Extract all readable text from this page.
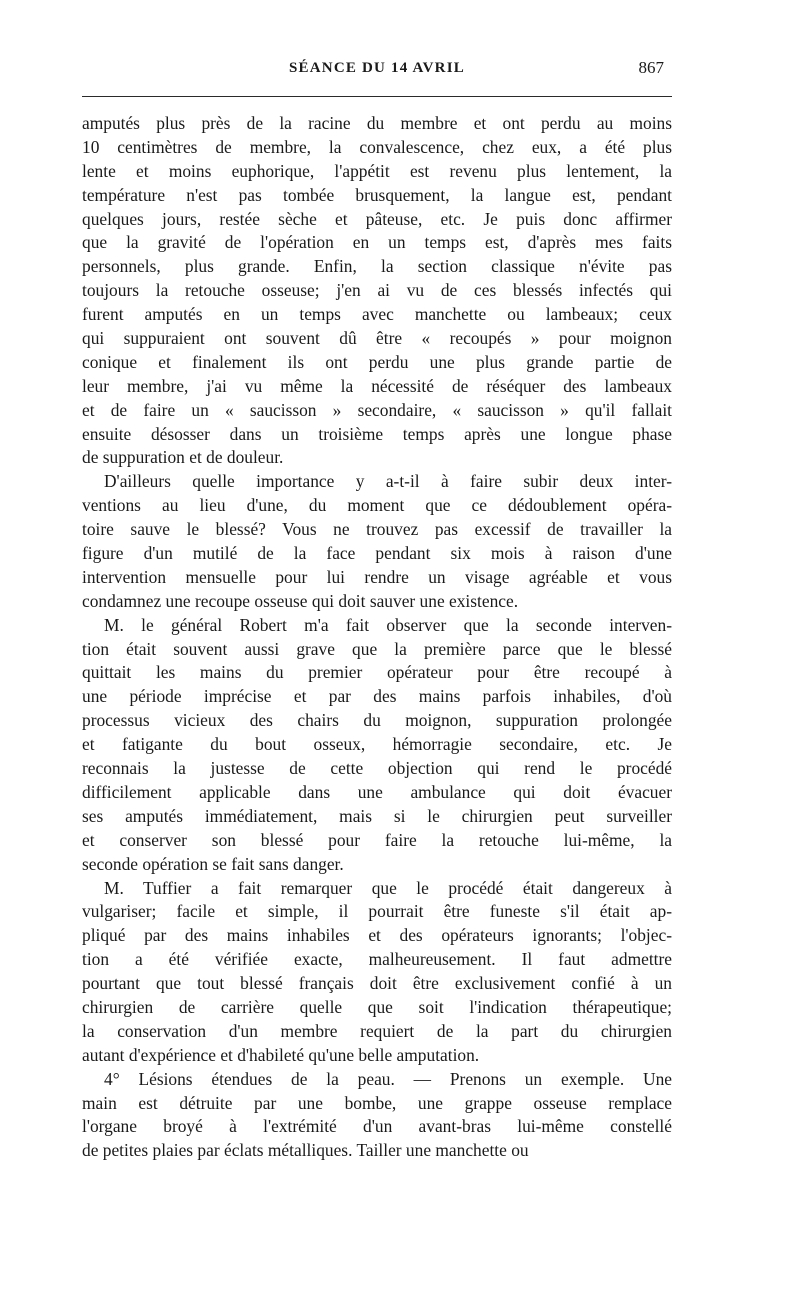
SÉANCE DU 14 AVRIL	867
amputés plus près de la racine du membre et ont perdu au moins
10 centimètres de membre, la convalescence, chez eux, a été plus
lente et moins euphorique, l'appétit est revenu plus lentement, la
température n'est pas tombée brusquement, la langue est, pendant
quelques jours, restée sèche et pâteuse, etc. Je puis donc affirmer
que la gravité de l'opération en un temps est, d'après mes faits
personnels, plus grande. Enfin, la section classique n'évite pas
toujours la retouche osseuse; j'en ai vu de ces blessés infectés qui
furent amputés en un temps avec manchette ou lambeaux; ceux
qui suppuraient ont souvent dû être « recoupés » pour moignon
conique et finalement ils ont perdu une plus grande partie de
leur membre, j'ai vu même la nécessité de réséquer des lambeaux
et de faire un « saucisson » secondaire, « saucisson » qu'il fallait
ensuite désosser dans un troisième temps après une longue phase
de suppuration et de douleur.
D'ailleurs quelle importance y a-t-il à faire subir deux inter-
ventions au lieu d'une, du moment que ce dédoublement opéra-
toire sauve le blessé? Vous ne trouvez pas excessif de travailler la
figure d'un mutilé de la face pendant six mois à raison d'une
intervention mensuelle pour lui rendre un visage agréable et vous
condamnez une recoupe osseuse qui doit sauver une existence.
M. le général Robert m'a fait observer que la seconde interven-
tion était souvent aussi grave que la première parce que le blessé
quittait les mains du premier opérateur pour être recoupé à
une période imprécise et par des mains parfois inhabiles, d'où
processus vicieux des chairs du moignon, suppuration prolongée
et fatigante du bout osseux, hémorragie secondaire, etc. Je
reconnais la justesse de cette objection qui rend le procédé
difficilement applicable dans une ambulance qui doit évacuer
ses amputés immédiatement, mais si le chirurgien peut surveiller
et conserver son blessé pour faire la retouche lui-même, la
seconde opération se fait sans danger.
M. Tuffier a fait remarquer que le procédé était dangereux à
vulgariser; facile et simple, il pourrait être funeste s'il était ap-
pliqué par des mains inhabiles et des opérateurs ignorants; l'objec-
tion a été vérifiée exacte, malheureusement. Il faut admettre
pourtant que tout blessé français doit être exclusivement confié à un
chirurgien de carrière quelle que soit l'indication thérapeutique;
la conservation d'un membre requiert de la part du chirurgien
autant d'expérience et d'habileté qu'une belle amputation.
4° Lésions étendues de la peau. — Prenons un exemple. Une
main est détruite par une bombe, une grappe osseuse remplace
l'organe broyé à l'extrémité d'un avant-bras lui-même constellé
de petites plaies par éclats métalliques. Tailler une manchette ou
